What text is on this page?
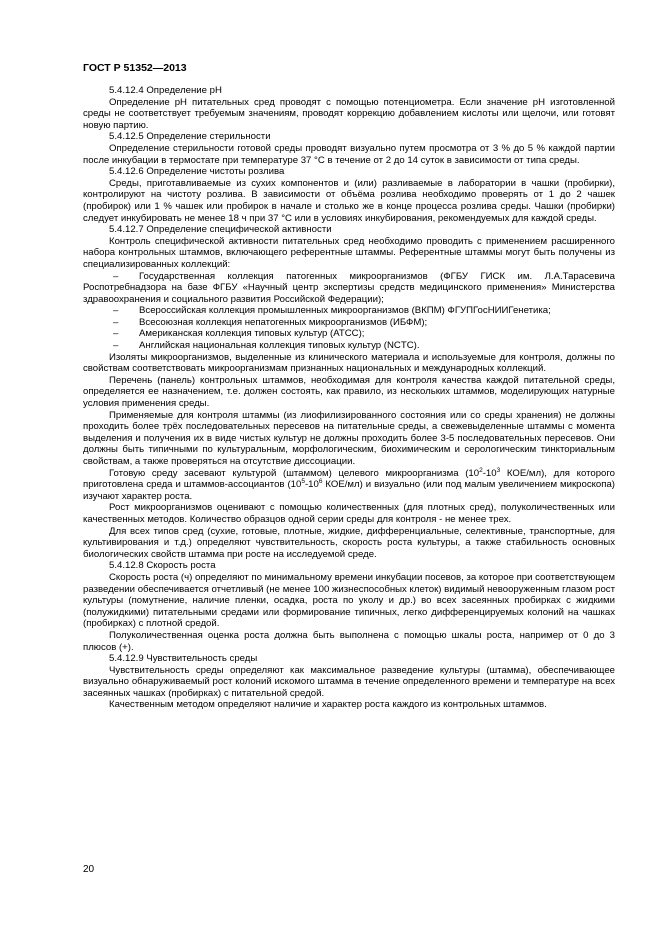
ГОСТ Р 51352—2013

5.4.12.4 Определение рН

Определение рН питательных сред проводят с помощью потенциометра. Если значение рН изготовленной среды не соответствует требуемым значениям, проводят коррекцию добавлением кислоты или щелочи, или готовят новую партию.

5.4.12.5 Определение стерильности

Определение стерильности готовой среды проводят визуально путем просмотра от 3 % до 5 % каждой партии после инкубации в термостате при температуре 37 °С в течение от 2 до 14 суток в зависимости от типа среды.

5.4.12.6 Определение чистоты розлива

Среды, приготавливаемые из сухих компонентов и (или) разливаемые в лаборатории в чашки (пробирки), контролируют на чистоту розлива. В зависимости от объёма розлива необходимо проверять от 1 до 2 чашек (пробирок) или 1 % чашек или пробирок в начале и столько же в конце процесса розлива среды. Чашки (пробирки) следует инкубировать не менее 18 ч при 37 °С или в условиях инкубирования, рекомендуемых для каждой среды.

5.4.12.7 Определение специфической активности

Контроль специфической активности питательных сред необходимо проводить с применением расширенного набора контрольных штаммов, включающего референтные штаммы. Референтные штаммы могут быть получены из специализированных коллекций:

– Государственная коллекция патогенных микроорганизмов (ФГБУ ГИСК им. Л.А.Тарасевича Роспотребнадзора на базе ФГБУ «Научный центр экспертизы средств медицинского применения» Министерства здравоохранения и социального развития Российской Федерации);

– Всероссийская коллекция промышленных микроорганизмов (ВКПМ) ФГУПГосНИИГенетика;

– Всесоюзная коллекция непатогенных микроорганизмов (ИБФМ);

– Американская коллекция типовых культур (АТСС);

– Английская национальная коллекция типовых культур (NCTC).

Изоляты микроорганизмов, выделенные из клинического материала и используемые для контроля, должны по свойствам соответствовать микроорганизмам признанных национальных и международных коллекций.

Перечень (панель) контрольных штаммов, необходимая для контроля качества каждой питательной среды, определяется ее назначением, т.е. должен состоять, как правило, из нескольких штаммов, моделирующих натурные условия применения среды.

Применяемые для контроля штаммы (из лиофилизированного состояния или со среды хранения) не должны проходить более трёх последовательных пересевов на питательные среды, а свежевыделенные штаммы с момента выделения и получения их в виде чистых культур не должны проходить более 3-5 последовательных пересевов. Они должны быть типичными по культуральным, морфологическим, биохимическим и серологическим тинкториальным свойствам, а также проверяться на отсутствие диссоциации.

Готовую среду засевают культурой (штаммом) целевого микроорганизма ($10^2-10^3$ КОЕ/мл), для которого приготовлена среда и штаммов-ассоциантов ($10^5-10^6$ КОЕ/мл) и визуально (или под малым увеличением микроскопа) изучают характер роста.

Рост микроорганизмов оценивают с помощью количественных (для плотных сред), полуколичественных или качественных методов. Количество образцов одной серии среды для контроля - не менее трех.

Для всех типов сред (сухие, готовые, плотные, жидкие, дифференциальные, селективные, транспортные, для культивирования и т.д.) определяют чувствительность, скорость роста культуры, а также стабильность основных биологических свойств штамма при росте на исследуемой среде.

5.4.12.8 Скорость роста

Скорость роста (ч) определяют по минимальному времени инкубации посевов, за которое при соответствующем разведении обеспечивается отчетливый (не менее 100 жизнеспособных клеток) видимый невооруженным глазом рост культуры (помутнение, наличие пленки, осадка, роста по уколу и др.) во всех засеянных пробирках с жидкими (полужидкими) питательными средами или формирование типичных, легко дифференцируемых колоний на чашках (пробирках) с плотной средой.

Полуколичественная оценка роста должна быть выполнена с помощью шкалы роста, например от 0 до 3 плюсов (+).

5.4.12.9 Чувствительность среды

Чувствительность среды определяют как максимальное разведение культуры (штамма), обеспечивающее визуально обнаруживаемый рост колоний искомого штамма в течение определенного времени и температуре на всех засеянных чашках (пробирках) с питательной средой.

Качественным методом определяют наличие и характер роста каждого из контрольных штаммов.

20
